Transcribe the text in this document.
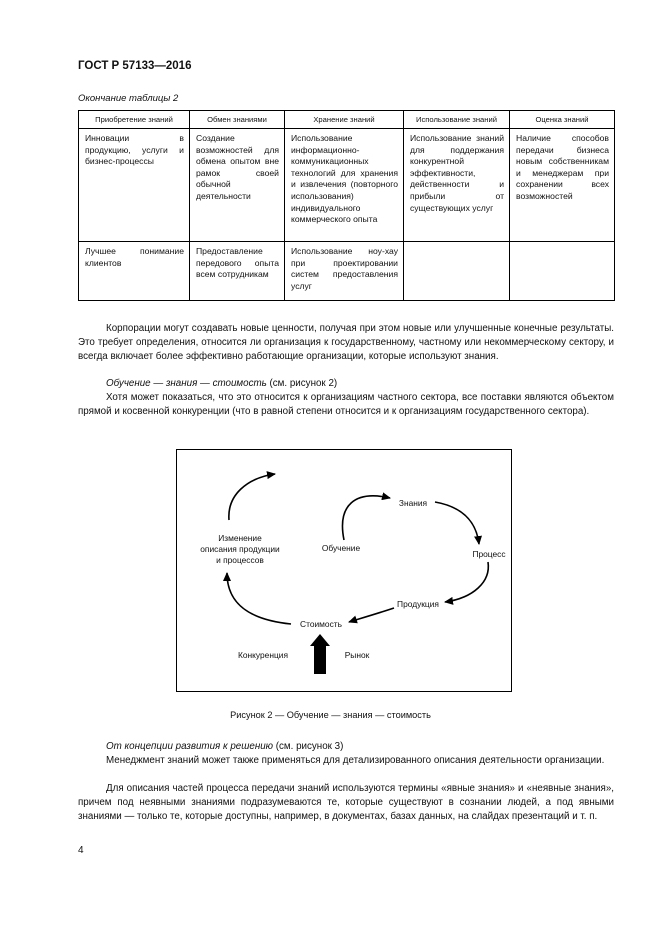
ГОСТ Р 57133—2016
Окончание таблицы 2
Приобретение знаний	Обмен знаниями	Хранение знаний	Использование знаний	Оценка знаний
Инновации в продукцию, услуги и бизнес-процессы	Создание возможностей для обмена опытом вне рамок своей обычной деятельности	Использование информационно-коммуникационных технологий для хранения и извлечения (повторного использования) индивидуального коммерческого опыта	Использование знаний для поддержания конкурентной эффективности, действенности и прибыли от существующих услуг	Наличие способов передачи бизнеса новым собственникам и менеджерам при сохранении всех возможностей
Лучшее понимание клиентов	Предоставление передового опыта всем сотрудникам	Использование ноу-хау при проектировании систем предоставления услуг		
Корпорации могут создавать новые ценности, получая при этом новые или улучшенные конечные результаты. Это требует определения, относится ли организация к государственному, частному или некоммерческому сектору, и всегда включает более эффективно работающие организации, которые используют знания.
Обучение — знания — стоимость (см. рисунок 2)
Хотя может показаться, что это относится к организациям частного сектора, все поставки являются объектом прямой и косвенной конкуренции (что в равной степени относится и к организациям государственного сектора).
Изменение
описания продукции
и процессов
Знания
Обучение
Процесс
Продукция
Стоимость
Конкуренция	Рынок
Рисунок 2 — Обучение — знания — стоимость
От концепции развития к решению (см. рисунок 3)
Менеджмент знаний может также применяться для детализированного описания деятельности организации.
Для описания частей процесса передачи знаний используются термины «явные знания» и «неявные знания», причем под неявными знаниями подразумеваются те, которые существуют в сознании людей, а под явными знаниями — только те, которые доступны, например, в документах, базах данных, на слайдах презентаций и т. п.
4
